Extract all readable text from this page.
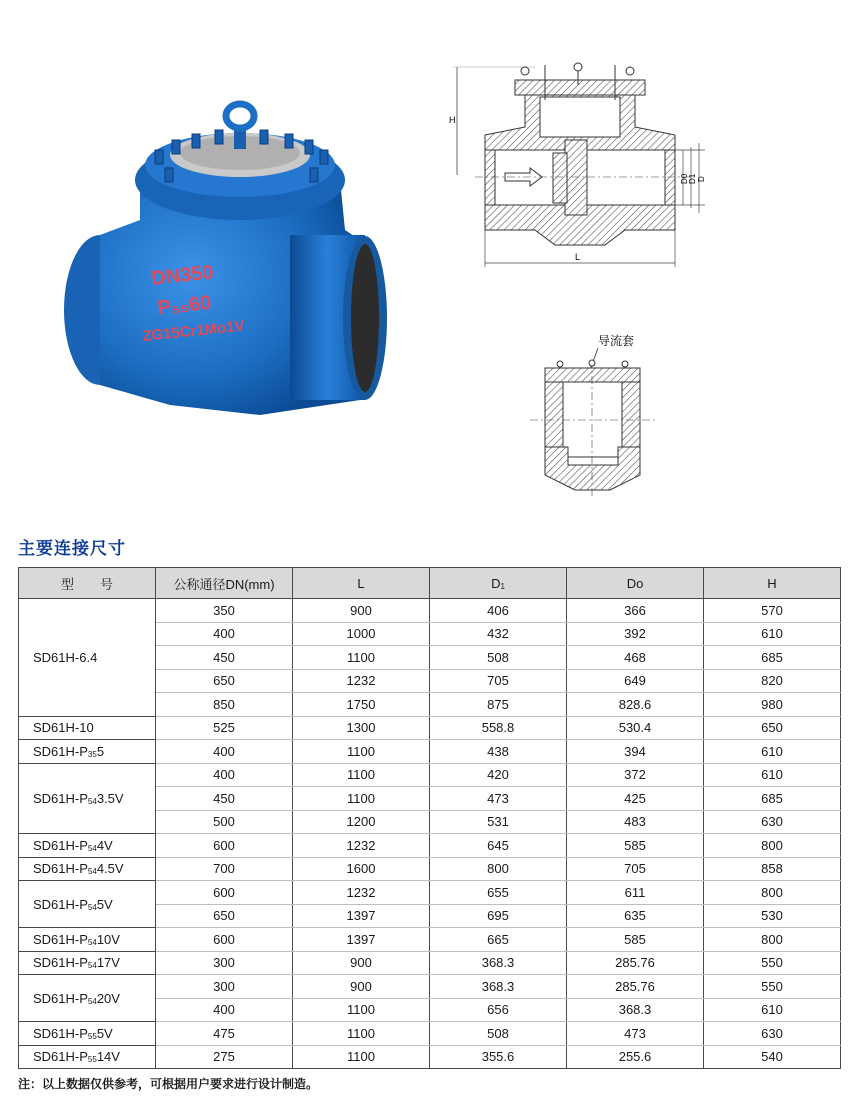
DN350
P₅₅60
ZG15Cr1Mo1V
H
D0 D1 D
L
导流套
主要连接尺寸
型　　号	公称通径DN(mm)	L	$D_1$	Do	H
SD61H-6.4	350	900	406	366	570
	400	1000	432	392	610
	450	1100	508	468	685
	650	1232	705	649	820
	850	1750	875	828.6	980
SD61H-10	525	1300	558.8	530.4	650
$SD61H-P_{35}5$	400	1100	438	394	610
$SD61H-P_{54}3.5V$	400	1100	420	372	610
	450	1100	473	425	685
	500	1200	531	483	630
$SD61H-P_{54}4V$	600	1232	645	585	800
$SD61H-P_{54}4.5V$	700	1600	800	705	858
$SD61H-P_{54}5V$	600	1232	655	611	800
	650	1397	695	635	530
$SD61H-P_{54}10V$	600	1397	665	585	800
$SD61H-P_{54}17V$	300	900	368.3	285.76	550
$SD61H-P_{54}20V$	300	900	368.3	285.76	550
	400	1100	656	368.3	610
$SD61H-P_{55}5V$	475	1100	508	473	630
$SD61H-P_{55}14V$	275	1100	355.6	255.6	540
注：以上数据仅供参考，可根据用户要求进行设计制造。
